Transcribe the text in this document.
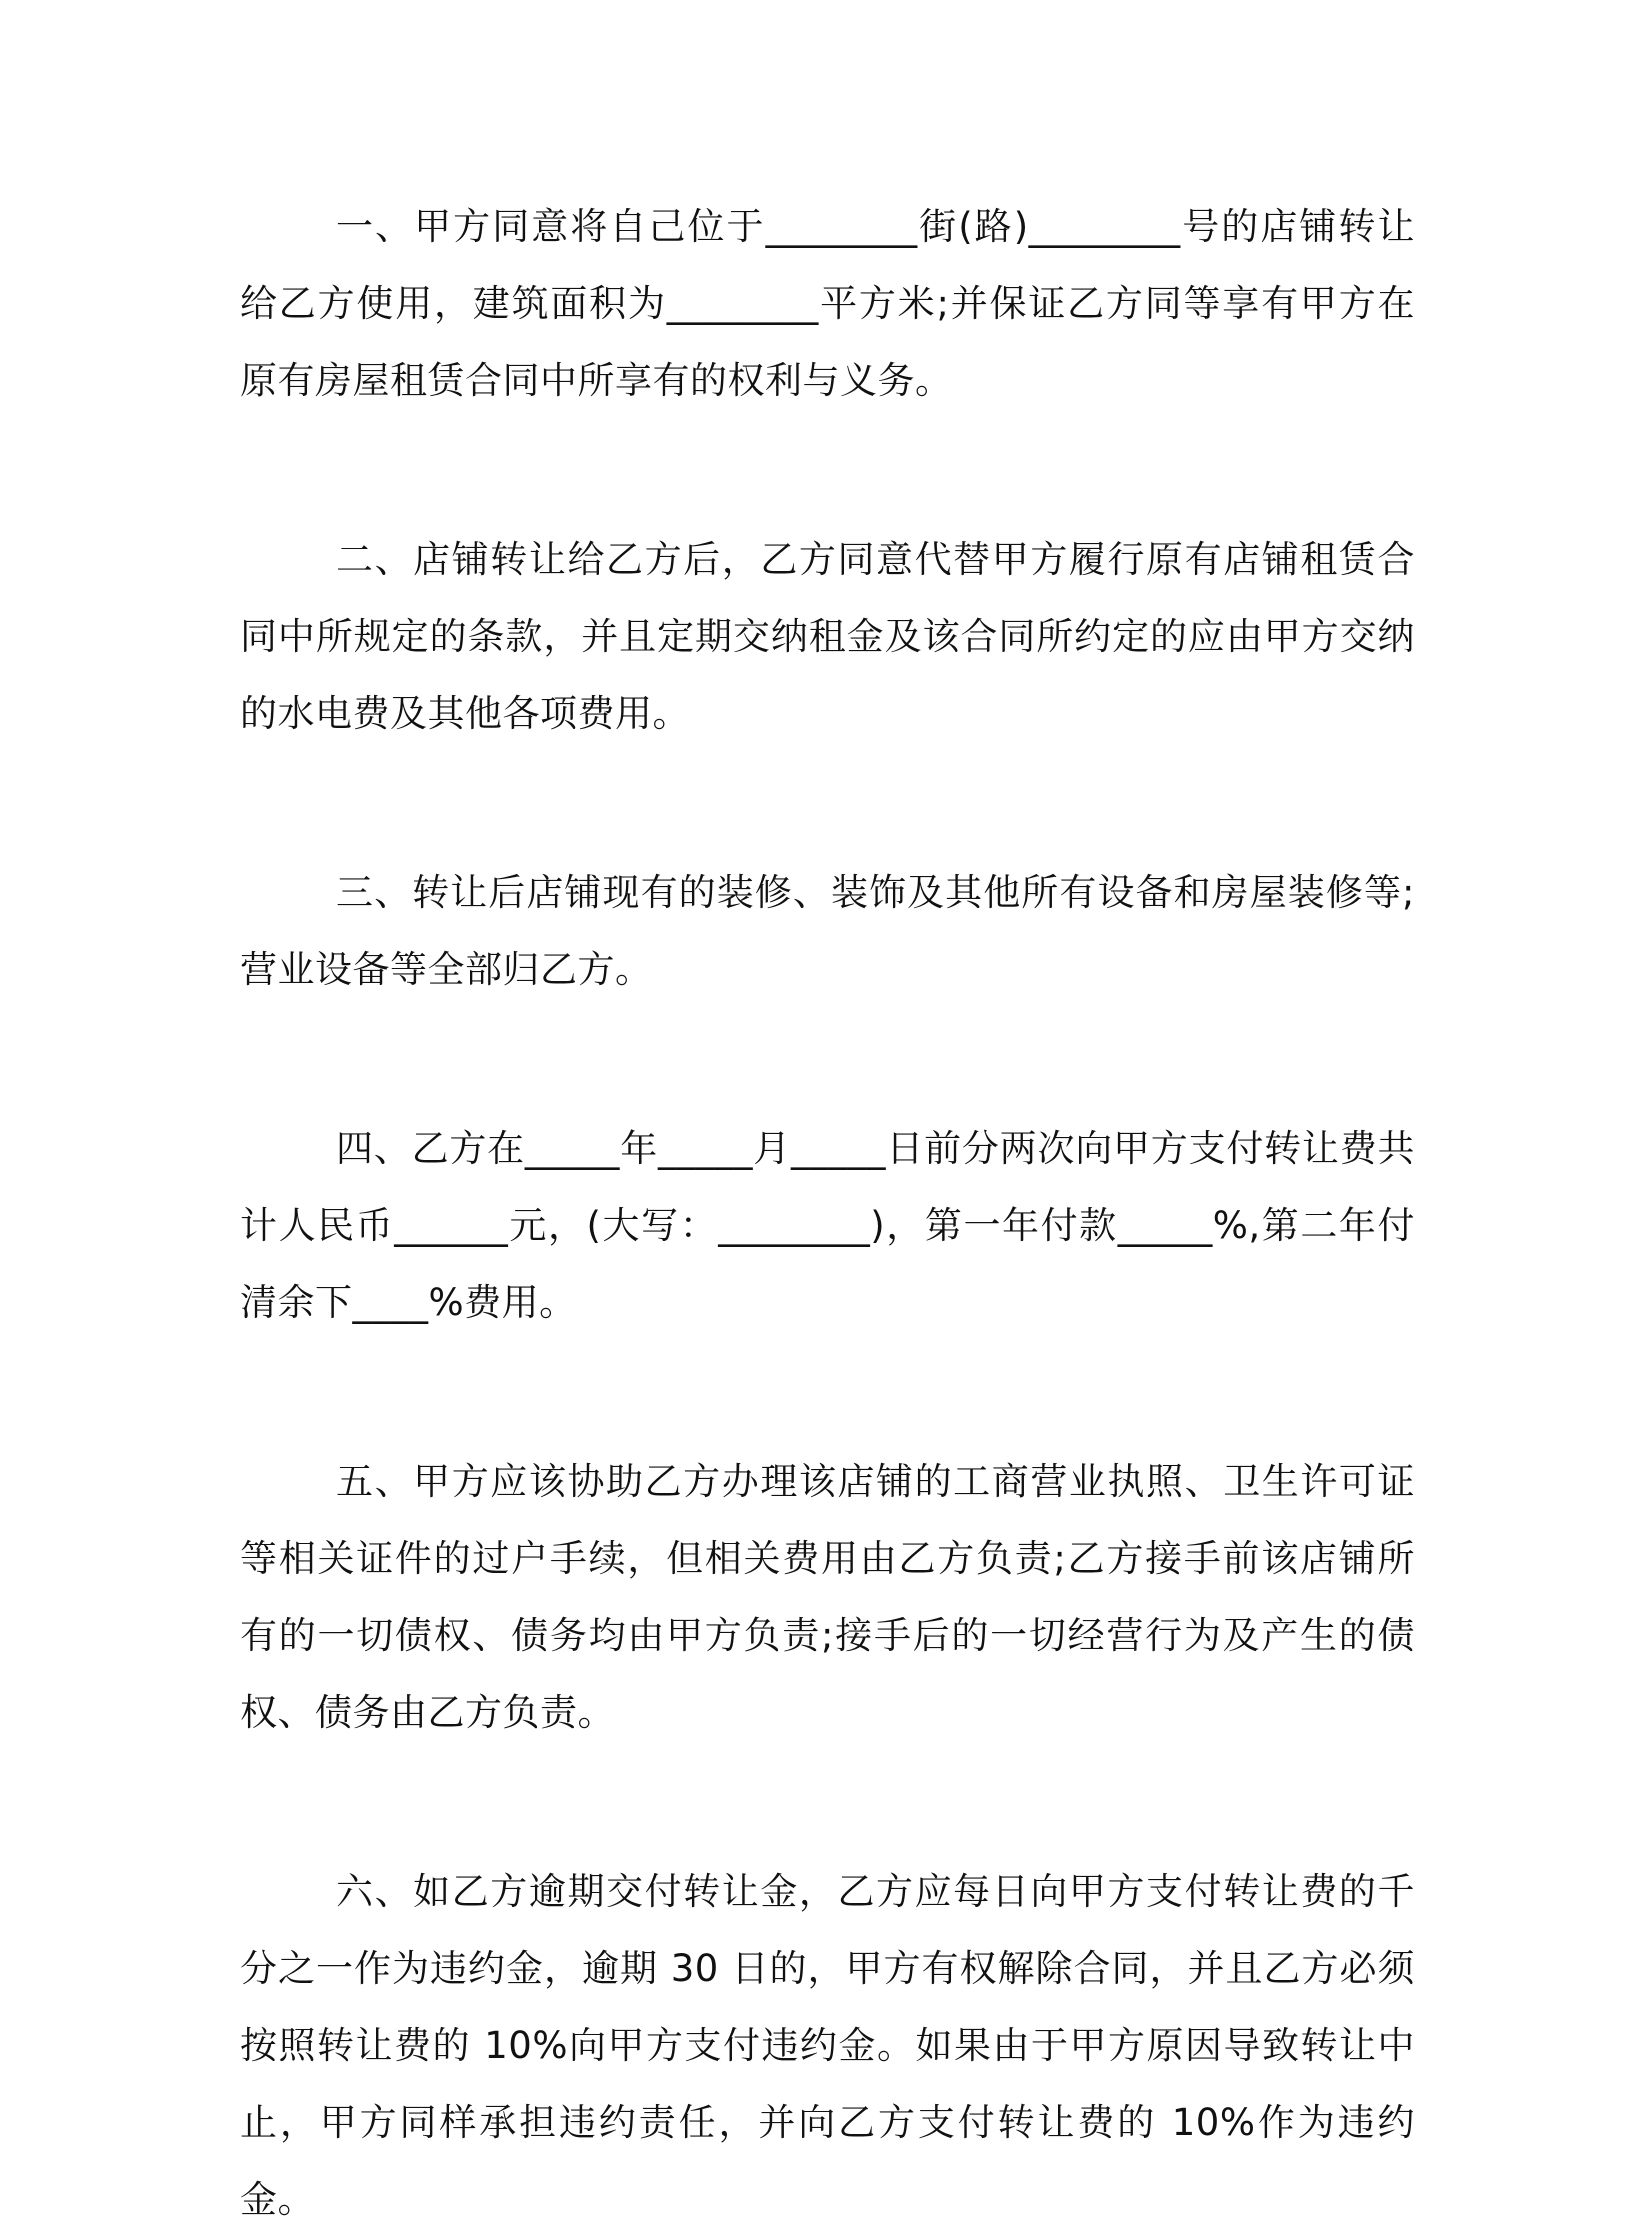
一、甲方同意将自己位于________街(路)________号的店铺转让给乙方使用，建筑面积为________平方米;并保证乙方同等享有甲方在原有房屋租赁合同中所享有的权利与义务。

二、店铺转让给乙方后，乙方同意代替甲方履行原有店铺租赁合同中所规定的条款，并且定期交纳租金及该合同所约定的应由甲方交纳的水电费及其他各项费用。

三、转让后店铺现有的装修、装饰及其他所有设备和房屋装修等;营业设备等全部归乙方。

四、乙方在_____年_____月_____日前分两次向甲方支付转让费共计人民币______元，(大写：________)，第一年付款_____%,第二年付清余下____%费用。

五、甲方应该协助乙方办理该店铺的工商营业执照、卫生许可证等相关证件的过户手续，但相关费用由乙方负责;乙方接手前该店铺所有的一切债权、债务均由甲方负责;接手后的一切经营行为及产生的债权、债务由乙方负责。

六、如乙方逾期交付转让金，乙方应每日向甲方支付转让费的千分之一作为违约金，逾期 30 日的，甲方有权解除合同，并且乙方必须按照转让费的 10%向甲方支付违约金。如果由于甲方原因导致转让中止，甲方同样承担违约责任，并向乙方支付转让费的 10%作为违约金。
